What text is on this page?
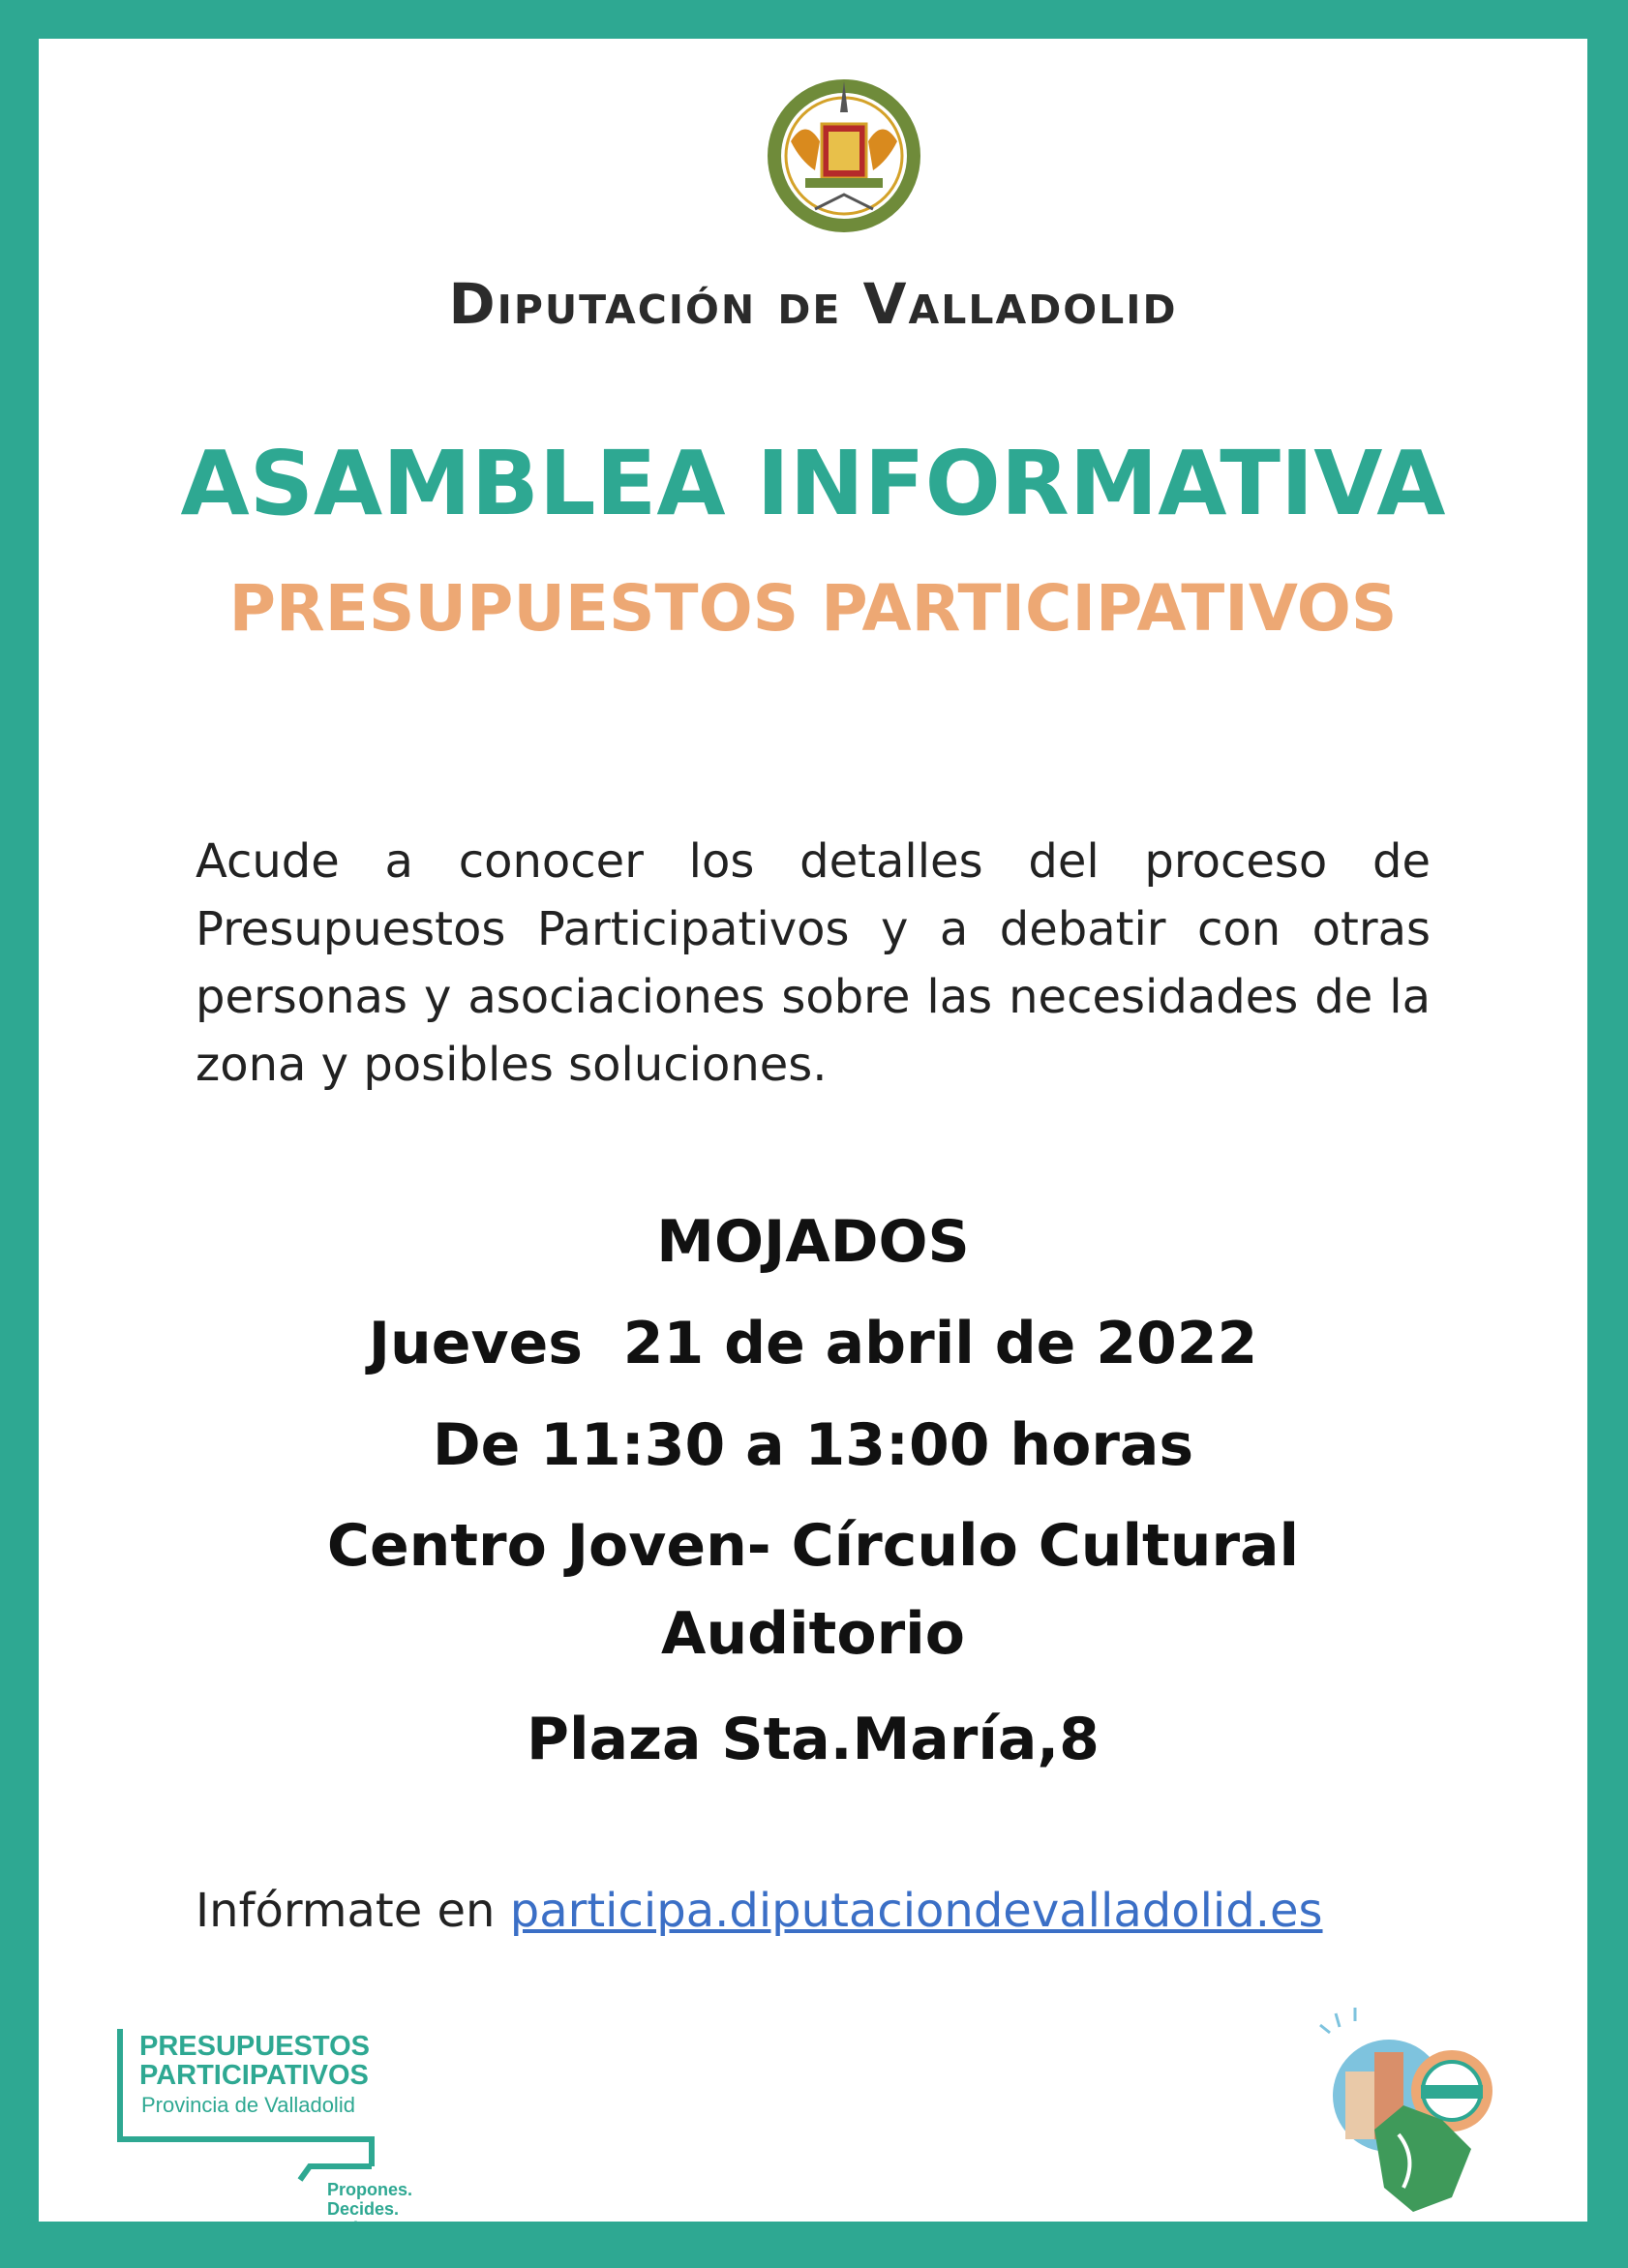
Diputación de Valladolid
ASAMBLEA INFORMATIVA
PRESUPUESTOS PARTICIPATIVOS
Acude a conocer los detalles del proceso de Presupuestos Participativos y a debatir con otras personas y asociaciones sobre las necesidades de la zona y posibles soluciones.
MOJADOS
Jueves  21 de abril de 2022
De 11:30 a 13:00 horas
Centro Joven- Círculo Cultural
Auditorio
Plaza Sta.María,8
Infórmate en participa.diputaciondevalladolid.es
PRESUPUESTOS
PARTICIPATIVOS
Provincia de Valladolid
Propones.
Decides.
Se hace.
